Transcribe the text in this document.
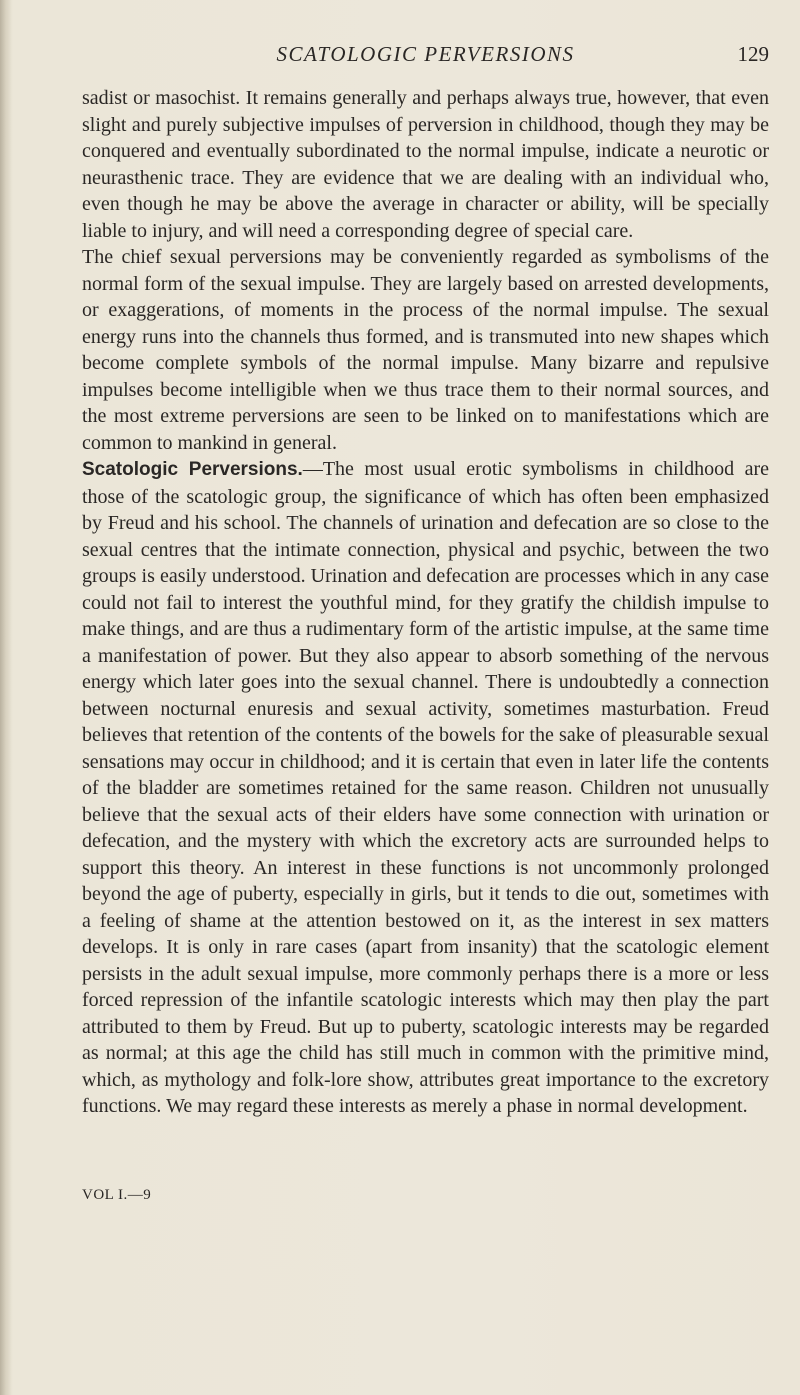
SCATOLOGIC PERVERSIONS	129

sadist or masochist. It remains generally and perhaps always true, however, that even slight and purely subjective impulses of perversion in childhood, though they may be conquered and eventually subordinated to the normal impulse, indicate a neurotic or neurasthenic trace. They are evidence that we are dealing with an individual who, even though he may be above the average in character or ability, will be specially liable to injury, and will need a corresponding degree of special care.

The chief sexual perversions may be conveniently regarded as symbolisms of the normal form of the sexual impulse. They are largely based on arrested developments, or exaggerations, of moments in the process of the normal impulse. The sexual energy runs into the channels thus formed, and is transmuted into new shapes which become complete symbols of the normal impulse. Many bizarre and repulsive impulses become intelligible when we thus trace them to their normal sources, and the most extreme perversions are seen to be linked on to manifestations which are common to mankind in general.

Scatologic Perversions.—The most usual erotic symbolisms in childhood are those of the scatologic group, the significance of which has often been emphasized by Freud and his school. The channels of urination and defecation are so close to the sexual centres that the intimate connection, physical and psychic, between the two groups is easily understood. Urination and defecation are processes which in any case could not fail to interest the youthful mind, for they gratify the childish impulse to make things, and are thus a rudimentary form of the artistic impulse, at the same time a manifestation of power. But they also appear to absorb something of the nervous energy which later goes into the sexual channel. There is undoubtedly a connection between nocturnal enuresis and sexual activity, sometimes masturbation. Freud believes that retention of the contents of the bowels for the sake of pleasurable sexual sensations may occur in childhood; and it is certain that even in later life the contents of the bladder are sometimes retained for the same reason. Children not unusually believe that the sexual acts of their elders have some connection with urination or defecation, and the mystery with which the excretory acts are surrounded helps to support this theory. An interest in these functions is not uncommonly prolonged beyond the age of puberty, especially in girls, but it tends to die out, sometimes with a feeling of shame at the attention bestowed on it, as the interest in sex matters develops. It is only in rare cases (apart from insanity) that the scatologic element persists in the adult sexual impulse, more commonly perhaps there is a more or less forced repression of the infantile scatologic interests which may then play the part attributed to them by Freud. But up to puberty, scatologic interests may be regarded as normal; at this age the child has still much in common with the primitive mind, which, as mythology and folk-lore show, attributes great importance to the excretory functions. We may regard these interests as merely a phase in normal development.

VOL I.—9
